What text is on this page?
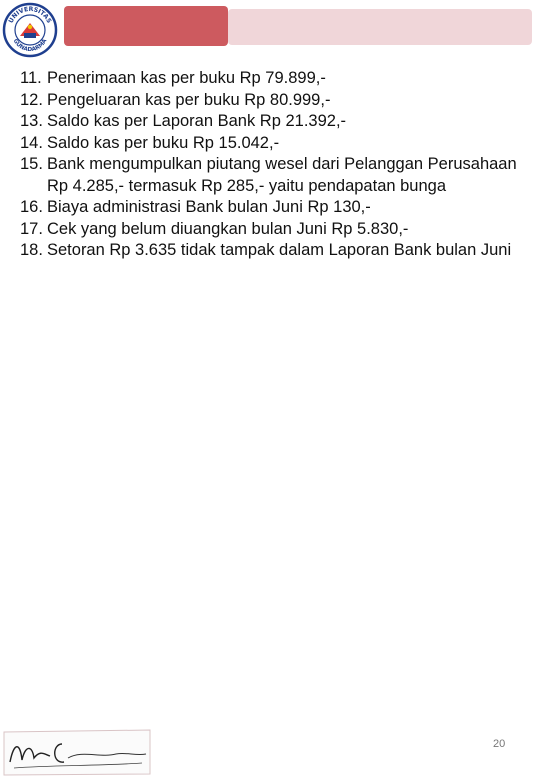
UNIVERSITAS
GUNADARMA
11. Penerimaan kas per buku Rp 79.899,-
12. Pengeluaran kas per buku Rp 80.999,-
13. Saldo kas per Laporan Bank Rp 21.392,-
14. Saldo kas per buku Rp 15.042,-
15. Bank mengumpulkan piutang wesel dari Pelanggan Perusahaan Rp 4.285,- termasuk Rp 285,- yaitu pendapatan bunga
16. Biaya administrasi Bank bulan Juni Rp 130,-
17. Cek yang belum diuangkan bulan Juni Rp 5.830,-
18. Setoran Rp 3.635 tidak tampak dalam Laporan Bank bulan Juni
20
